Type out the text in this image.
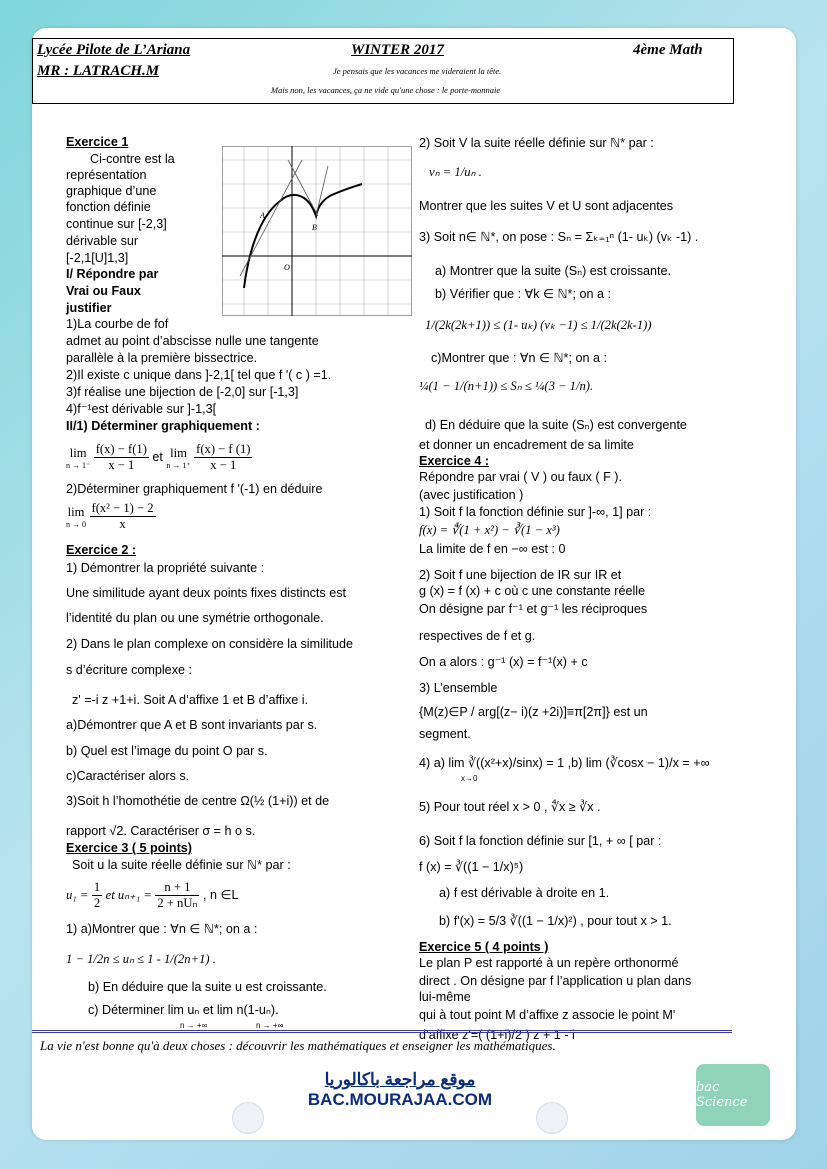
Lycée Pilote de L’Ariana	WINTER 2017	4ème Math
MR : LATRACH.M	Je pensais que les vacances me videraient la tête.
Mais non, les vacances, ça ne vide qu'une chose : le porte-monnaie
A
B
O
Exercice 1
Ci-contre est la
représentation
graphique d’une
fonction définie
continue sur [-2,3]
dérivable sur
[-2,1[U]1,3]
I/ Répondre par
Vrai ou Faux
justifier
1)La courbe de fof
admet au point d’abscisse nulle une tangente
parallèle à la première bissectrice.
2)Il existe c unique dans ]-2,1[ tel que f '( c ) =1.
3)f réalise une bijection de [-2,0] sur [-1,3]
4)f⁻¹est dérivable sur ]-1,3[
II/1) Déterminer graphiquement :
lim
n → 1⁻
$\frac{f(x) - f(1)}{x - 1}$ et lim
n → 1⁺
$\frac{f(x) - f (1)}{x - 1}$
2)Déterminer graphiquement f '(-1) en déduire
lim
n → 0
$\frac{\text{f(x² − 1) − 2}}{x}$
Exercice 2 :
1) Démontrer la propriété suivante :
Une similitude ayant deux points fixes distincts est
l’identité du plan ou une symétrie orthogonale.
2) Dans le plan complexe on considère la similitude
s d’écriture complexe :
z' =-i z +1+i. Soit A d’affixe 1 et B d’affixe i.
a)Démontrer que A et B sont invariants par s.
b) Quel est l’image du point O par s.
c)Caractériser alors s.
3)Soit h l’homothétie de centre Ω(½ (1+i)) et de
rapport √2. Caractériser σ = h o s.
Exercice 3 ( 5 points)
Soit u la suite réelle définie sur ℕ* par :
$u_1 = \frac{1}{2}$ et uₙ₊₁ =
n + 1
2 + nUₙ
, n ∈L
1) a)Montrer que : ∀n ∈ ℕ*; on a :
1 − 1/2n ≤ uₙ ≤ 1 - 1/(2n+1) .
b) En déduire que la suite u est croissante.
c) Déterminer lim uₙ et lim n(1-uₙ).
n → +∞	n → +∞
2) Soit V la suite réelle définie sur ℕ* par :
vₙ = 1/uₙ .
Montrer que les suites V et U sont adjacentes
3) Soit n∈ ℕ*, on pose : Sₙ = Σₖ₌₁ⁿ (1- uₖ) (vₖ -1) .
a) Montrer que la suite (Sₙ) est croissante.
b) Vérifier que : ∀k ∈ ℕ*; on a :
1/(2k(2k+1)) ≤ (1- uₖ) (vₖ −1) ≤ 1/(2k(2k-1))
c)Montrer que : ∀n ∈ ℕ*; on a :
¼(1 − 1/(n+1)) ≤ Sₙ ≤ ¼(3 − 1/n).
d) En déduire que la suite (Sₙ) est convergente
et donner un encadrement de sa limite
Exercice 4 :
Répondre par vrai ( V ) ou faux ( F ).
(avec justification )
1) Soit f la fonction définie sur ]-∞, 1] par :
f(x) = ∜(1 + x²) − ∛(1 − x³)
La limite de f en −∞ est : 0
2) Soit f une bijection de IR sur IR et
g (x) = f (x) + c où c une constante réelle
On désigne par f⁻¹ et g⁻¹ les réciproques
respectives de f et g.
On a alors : g⁻¹ (x) = f⁻¹(x) + c
3) L’ensemble
{M(z)∈P / arg[(z− i)(z +2i)]≡π[2π]} est un
segment.
4) a) lim ∛((x²+x)/sinx) = 1 ,b) lim (∛cosx − 1)/x = +∞
x→0
5) Pour tout réel x > 0 , ∜x ≥ ∛x .
6) Soit f la fonction définie sur [1, + ∞ [ par :
f (x) = ∛((1 − 1/x)⁵)
a) f est dérivable à droite en 1.
b) f'(x) = 5/3 ∛((1 − 1/x)²) , pour tout x > 1.
Exercice 5 ( 4 points )
Le plan P est rapporté à un repère orthonormé
direct . On désigne par f l’application u plan dans
lui-même
qui à tout point M d’affixe z associe le point M'
d’affixe z'=( (1+i)/2 ) z + 1 - i
La vie n'est bonne qu'à deux choses : découvrir les mathématiques et enseigner les mathématiques.
موقع مراجعة باكالوريا
BAC.MOURAJAA.COM
bac Science
